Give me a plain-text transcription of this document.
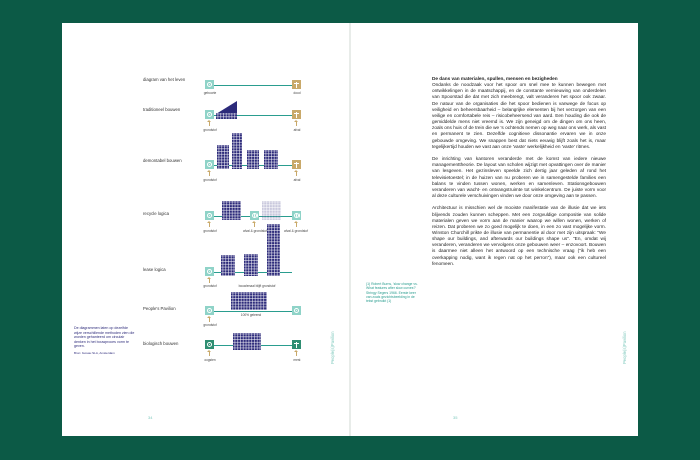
diagram van het leven
geboorte	dood
traditioneel bouwen
grondstof	afval
demontabel bouwen
grondstof	afval
recycle logica
grondstof	afval & grondstof	afval & grondstof
lease logica
grondstof	bouwlenaal blijft grondstof
People's Pavilion
grondstof
100% geleend
biologisch bouwen
oogsten	mest
De diagrammen laten op dezelfde wijze verschillende methoden zien die worden gehanteerd om circulair denken in het bouwproces vorm te geven.
Bron: bureau SLA, Amsterdam	People(s)Pavilion
34
(1) Robert Burns, 'slow change vs. What features after slow curves?' Stringy Segers 1966. Eerste keer van zoals gezichtsbeelding in de tekst gebruikt (1)
De dans van materialen, spullen, mensen en bezigheden

Ondanks de noodzaak voor het spoor om snel mee te kunnen bewegen met ontwikkelingen in de maatschappij, en de constante vernieuwing van onderdelen van Spoorstad die dat met zich meebrengt, valt veranderen het spoor ook zwaar. De natuur van de organisaties die het spoor bedienen is vanwege de focus op veiligheid en beheersbaarheid – belangrijke elementen bij het verzorgen van een veilige en comfortabele reis – risicobeheersend van aard. Een houding die ook de gemiddelde mens niet vreemd is. We zijn geneigd om de dingen om ons heen, zoals ons huis of de trein die we 's ochtends nemen op weg naar ons werk, als vast en permanent te zien. Dezelfde cognitieve dissonantie ervaren we in onze gebouwde omgeving. We snappen best dat niets eeuwig blijft zoals het is, maar tegelijkertijd houden we vast aan onze 'vaste' werkelijkheid en 'vaste' ritmes.

De inrichting van kantoren veranderde met de komst van iedere nieuwe managementtheorie. De layout van scholen wijzigt met opvattingen over de manier van lesgeven. Het gezinsleven speelde zich dertig jaar geleden af rond het televisietoestel; in de huizen van nu proberen we in samengestelde families een balans te vinden tussen wonen, werken en samenleven. Stationsgebouwen veranderen van wacht- en ontvangstruimte tot winkelcentrum. De juiste vorm voor al deze culturele verschuivingen vinden we door onze omgeving aan te passen.

Architectuur is misschien wel de mooiste manifestatie van de illusie dat we iets blijvends zouden kunnen scheppen. Met een zorgvuldige compositie van solide materialen geven we vorm aan de manier waarop we willen wonen, werken of reizen. Dat proberen we zo goed mogelijk te doen, in een zo vast mogelijke vorm. Winston Churchill prikte de illusie van permanentie al door met zijn uitspraak: "We shape our buildings, and afterwards our buildings shape us". "En, omdat wij veranderen, veranderen we vervolgens onze gebouwen weer – enzovoort. Bouwen is daarmee niet alleen het antwoord op een technische vraag ("ik heb een overkapping nodig, want ik regen nat op het perron"), maar ook een cultureel fenomeen.

People(s)Pavilion
35
